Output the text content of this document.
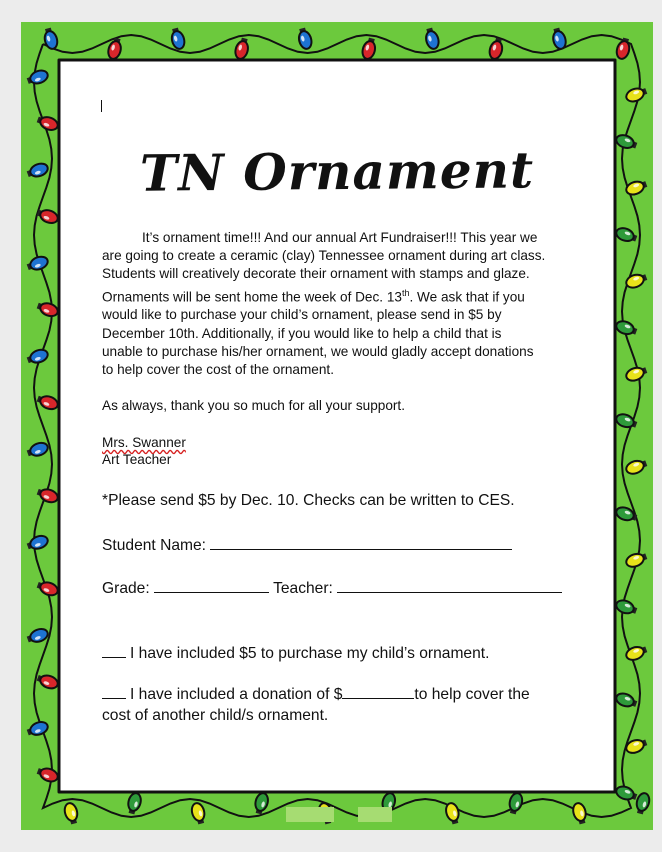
TN Ornament
It’s ornament time!!! And our annual Art Fundraiser!!! This year we
are going to create a ceramic (clay) Tennessee ornament during art class.
Students will creatively decorate their ornament with stamps and glaze.
Ornaments will be sent home the week of Dec. 13th. We ask that if you
would like to purchase your child’s ornament, please send in $5 by
December 10th. Additionally, if you would like to help a child that is
unable to purchase his/her ornament, we would gladly accept donations
to help cover the cost of the ornament.
As always, thank you so much for all your support.
Mrs. Swanner
Art Teacher
*Please send $5 by Dec. 10. Checks can be written to CES.
Student Name:
Grade:	Teacher:
I have included $5 to purchase my child’s ornament.
I have included a donation of $	to help cover the
cost of another child/s ornament.
